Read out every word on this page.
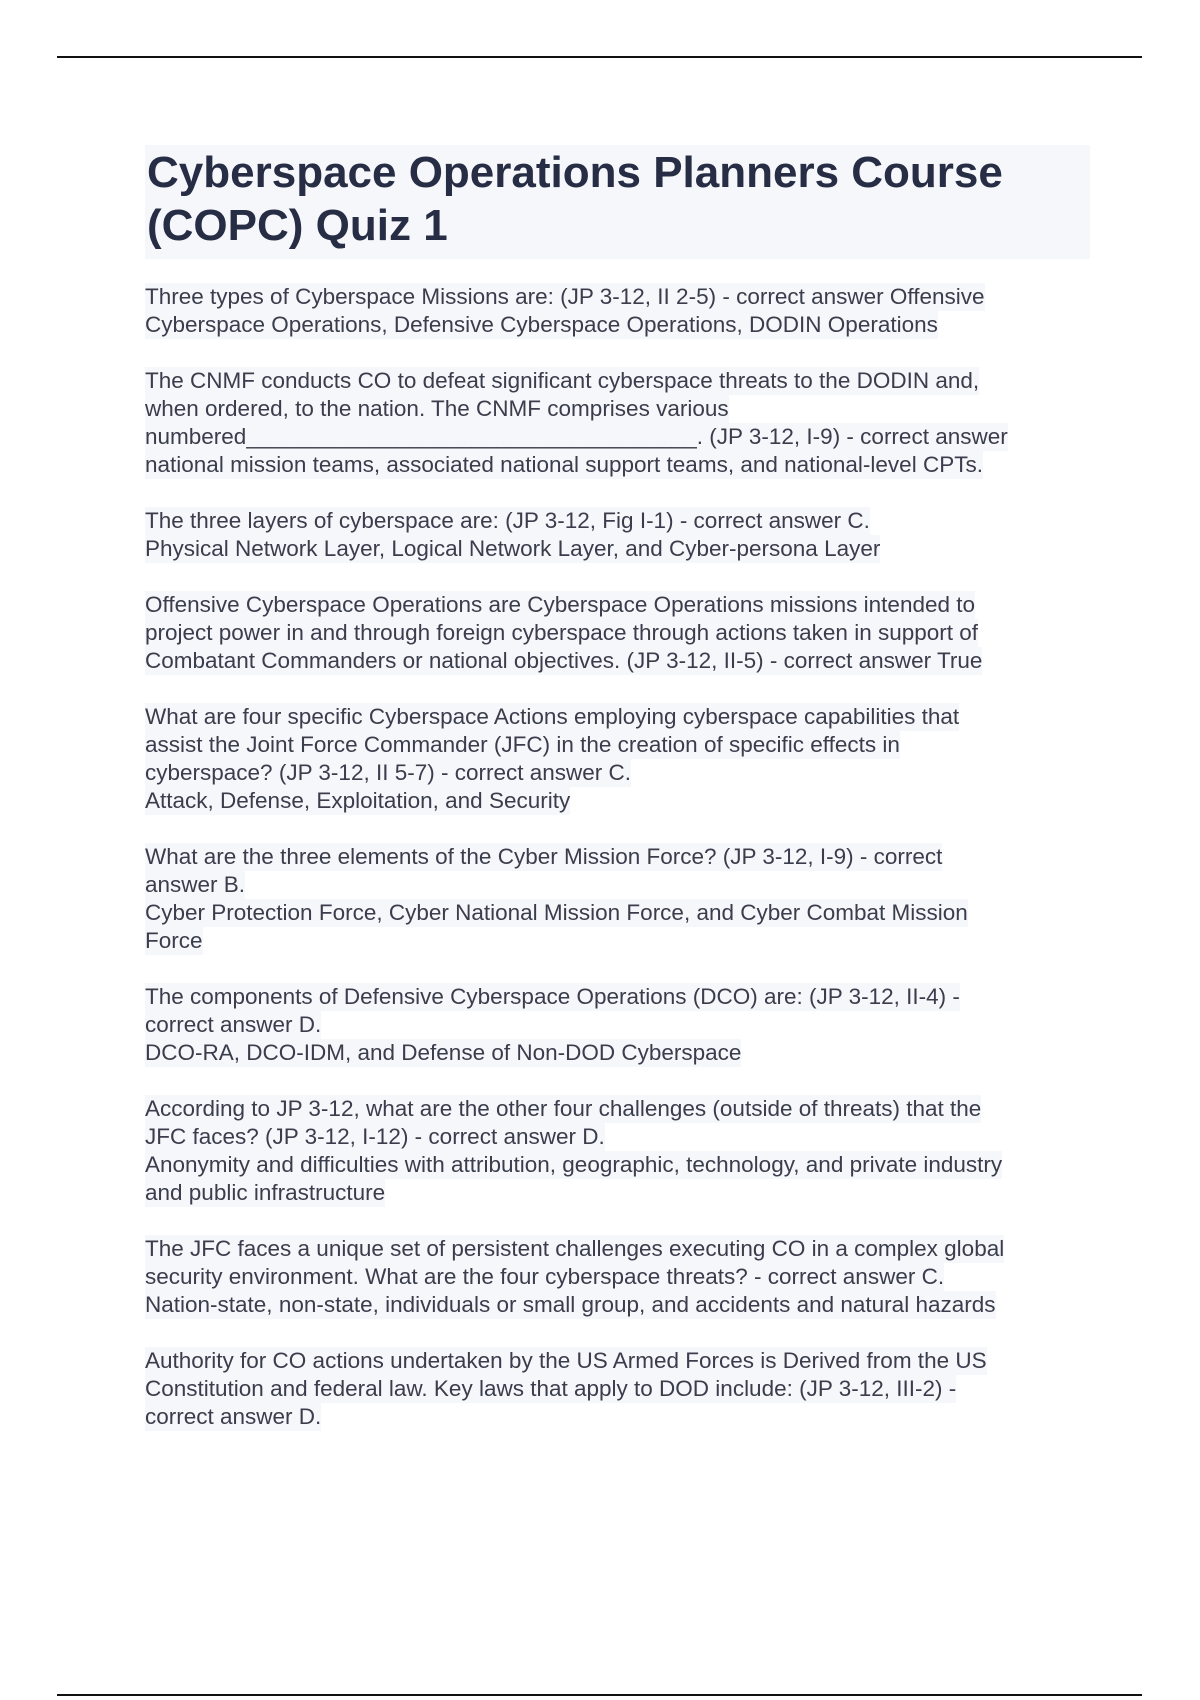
Cyberspace Operations Planners Course (COPC) Quiz 1
Three types of Cyberspace Missions are: (JP 3-12, II 2-5) - correct answer Offensive
Cyberspace Operations, Defensive Cyberspace Operations, DODIN Operations
The CNMF conducts CO to defeat significant cyberspace threats to the DODIN and,
when ordered, to the nation. The CNMF comprises various
numbered____________________________________. (JP 3-12, I-9) - correct answer
national mission teams, associated national support teams, and national-level CPTs.
The three layers of cyberspace are: (JP 3-12, Fig I-1) - correct answer C.
Physical Network Layer, Logical Network Layer, and Cyber-persona Layer
Offensive Cyberspace Operations are Cyberspace Operations missions intended to
project power in and through foreign cyberspace through actions taken in support of
Combatant Commanders or national objectives. (JP 3-12, II-5) - correct answer True
What are four specific Cyberspace Actions employing cyberspace capabilities that
assist the Joint Force Commander (JFC) in the creation of specific effects in
cyberspace? (JP 3-12, II 5-7) - correct answer C.
Attack, Defense, Exploitation, and Security
What are the three elements of the Cyber Mission Force? (JP 3-12, I-9) - correct
answer B.
Cyber Protection Force, Cyber National Mission Force, and Cyber Combat Mission
Force
The components of Defensive Cyberspace Operations (DCO) are: (JP 3-12, II-4) -
correct answer D.
DCO-RA, DCO-IDM, and Defense of Non-DOD Cyberspace
According to JP 3-12, what are the other four challenges (outside of threats) that the
JFC faces? (JP 3-12, I-12) - correct answer D.
Anonymity and difficulties with attribution, geographic, technology, and private industry
and public infrastructure
The JFC faces a unique set of persistent challenges executing CO in a complex global
security environment. What are the four cyberspace threats? - correct answer C.
Nation-state, non-state, individuals or small group, and accidents and natural hazards
Authority for CO actions undertaken by the US Armed Forces is Derived from the US
Constitution and federal law. Key laws that apply to DOD include: (JP 3-12, III-2) -
correct answer D.
